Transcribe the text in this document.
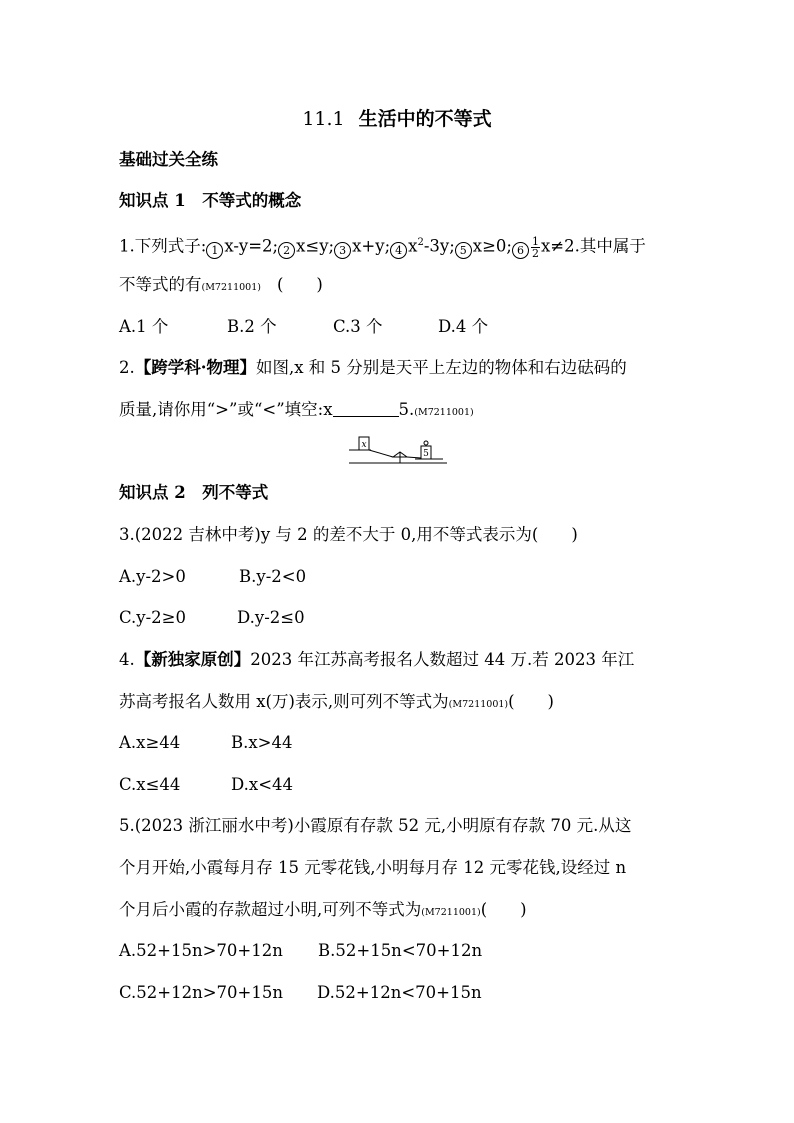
11.1 生活中的不等式
基础过关全练
知识点 1　不等式的概念
1.下列式子: 1 x-y=2; 2 x≤y; 3 x+y; 4 $x^2-3y$; 5 x≥0; $6 \frac{1}{2} x\ne 2$.其中属于
不等式的有(M7211001) (　　)
A.1 个	B.2 个	C.3 个	D.4 个
2.【跨学科·物理】如图,x 和 5 分别是天平上左边的物体和右边砝码的
质量,请你用“>”或“<”填空:x	5.(M7211001)
x
5
知识点 2　列不等式
3.(2022 吉林中考)y 与 2 的差不大于 0,用不等式表示为(　　)
A.y-2>0	B.y-2<0
C.y-2≥0	D.y-2≤0
4.【新独家原创】2023 年江苏高考报名人数超过 44 万.若 2023 年江
苏高考报名人数用 x(万)表示,则可列不等式为(M7211001)(　　)
A.x≥44	B.x>44
C.x≤44	D.x<44
5.(2023 浙江丽水中考)小霞原有存款 52 元,小明原有存款 70 元.从这
个月开始,小霞每月存 15 元零花钱,小明每月存 12 元零花钱,设经过 n
个月后小霞的存款超过小明,可列不等式为(M7211001)(　　)
A.52+15n>70+12n B.52+15n<70+12n
C.52+12n>70+15n D.52+12n<70+15n
